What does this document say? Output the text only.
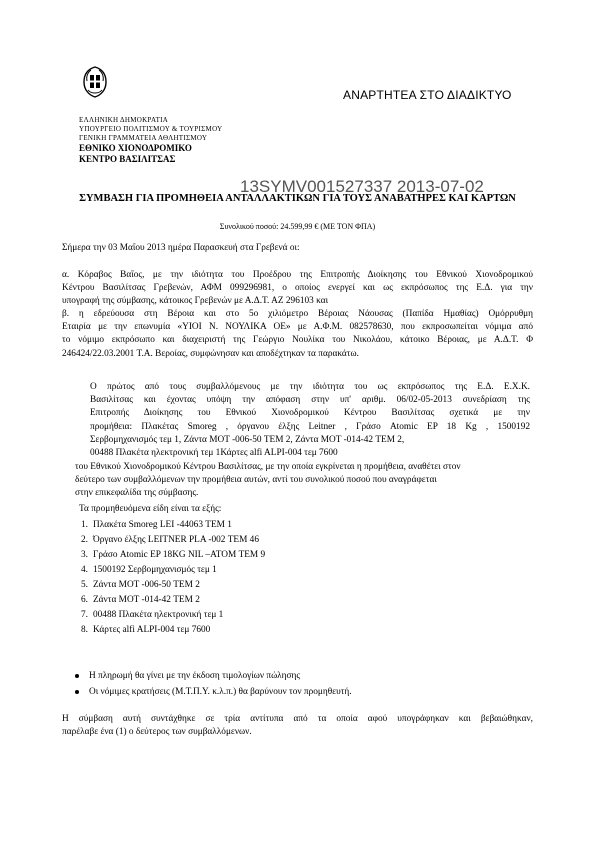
ΑΝΑΡΤΗΤΕΑ ΣΤΟ ΔΙΑΔΙΚΤΥΟ
ΕΛΛΗΝΙΚΗ ΔΗΜΟΚΡΑΤΙΑ
ΥΠΟΥΡΓΕΙΟ ΠΟΛΙΤΙΣΜΟΥ & ΤΟΥΡΙΣΜΟΥ
ΓΕΝΙΚΗ ΓΡΑΜΜΑΤΕΙΑ ΑΘΛΗΤΙΣΜΟΥ
ΕΘΝΙΚΟ ΧΙΟΝΟΔΡΟΜΙΚΟ
ΚΕΝΤΡΟ ΒΑΣΙΛΙΤΣΑΣ
13SYMV001527337 2013-07-02
ΣΥΜΒΑΣΗ ΓΙΑ ΠΡΟΜΗΘΕΙΑ ΑΝΤΑΛΛΑΚΤΙΚΩΝ ΓΙΑ ΤΟΥΣ ΑΝΑΒΑΤΗΡΕΣ ΚΑΙ ΚΑΡΤΩΝ
Συνολικού ποσού: 24.599,99 € (ΜΕ ΤΟΝ ΦΠΑ)
Σήμερα την 03 Μαΐου 2013 ημέρα Παρασκευή στα Γρεβενά οι:
α. Κόραβος Βαΐος, με την ιδιότητα του Προέδρου της Επιτροπής Διοίκησης του Εθνικού Χιονοδρομικού
Κέντρου Βασιλίτσας Γρεβενών, ΑΦΜ 099296981, ο οποίος ενεργεί και ως εκπρόσωπος της Ε.Δ. για την
υπογραφή της σύμβασης, κάτοικος Γρεβενών με Α.Δ.Τ. ΑΖ 296103 και
β. η εδρεύουσα στη Βέροια και στο 5ο χιλιόμετρο Βέροιας Νάουσας (Παπίδα Ημαθίας) Ομόρρυθμη
Εταιρία με την επωνυμία «ΥΙΟΙ Ν. ΝΟΥΛΙΚΑ ΟΕ» με Α.Φ.Μ. 082578630, που εκπροσωπείται νόμιμα από
το νόμιμο εκπρόσωπο και διαχειριστή της Γεώργιο Νουλίκα του Νικολάου, κάτοικο Βέροιας, με Α.Δ.Τ. Φ
246424/22.03.2001 Τ.Α. Βεροίας, συμφώνησαν και αποδέχτηκαν τα παρακάτω.
Ο πρώτος από τους συμβαλλόμενους με την ιδιότητα του ως εκπρόσωπος της Ε.Δ. Ε.Χ.Κ.
Βασιλίτσας και έχοντας υπόψη την απόφαση στην υπ' αριθμ. 06/02-05-2013 συνεδρίαση της
Επιτροπής Διοίκησης του Εθνικού Χιονοδρομικού Κέντρου Βασιλίτσας σχετικά με την
προμήθεια: Πλακέτας Smoreg , όργανου έλξης Leitner , Γράσο Atomic EP 18 Kg , 1500192
Σερβομηχανισμός τεμ 1, Ζάντα MOT -006-50 ΤΕΜ 2, Ζάντα MOT -014-42 ΤΕΜ 2,
00488 Πλακέτα ηλεκτρονική τεμ 1Κάρτες alfi ALPI-004 τεμ 7600
του Εθνικού Χιονοδρομικού Κέντρου Βασιλίτσας, με την οποία εγκρίνεται η προμήθεια, αναθέτει στον
δεύτερο των συμβαλλόμενων την προμήθεια αυτών, αντί του συνολικού ποσού που αναγράφεται
στην επικεφαλίδα της σύμβασης.
Τα προμηθευόμενα είδη είναι τα εξής:
1. Πλακέτα Smoreg LEI -44063 ΤΕΜ 1
2. Όργανο έλξης LEITNER PLA -002 ΤΕΜ 46
3. Γράσο Atomic EP 18KG NIL –ATOM ΤΕΜ 9
4. 1500192 Σερβομηχανισμός τεμ 1
5. Ζάντα MOT -006-50 ΤΕΜ 2
6. Ζάντα MOT -014-42 ΤΕΜ 2
7. 00488 Πλακέτα ηλεκτρονική τεμ 1
8. Κάρτες alfi ALPI-004 τεμ 7600
Η πληρωμή θα γίνει με την έκδοση τιμολογίων πώλησης
Οι νόμιμες κρατήσεις (Μ.Τ.Π.Υ. κ.λ.π.) θα βαρύνουν τον προμηθευτή.
Η σύμβαση αυτή συντάχθηκε σε τρία αντίτυπα από τα οποία αφού υπογράφηκαν και βεβαιώθηκαν,
παρέλαβε ένα (1) ο δεύτερος των συμβαλλόμενων.
